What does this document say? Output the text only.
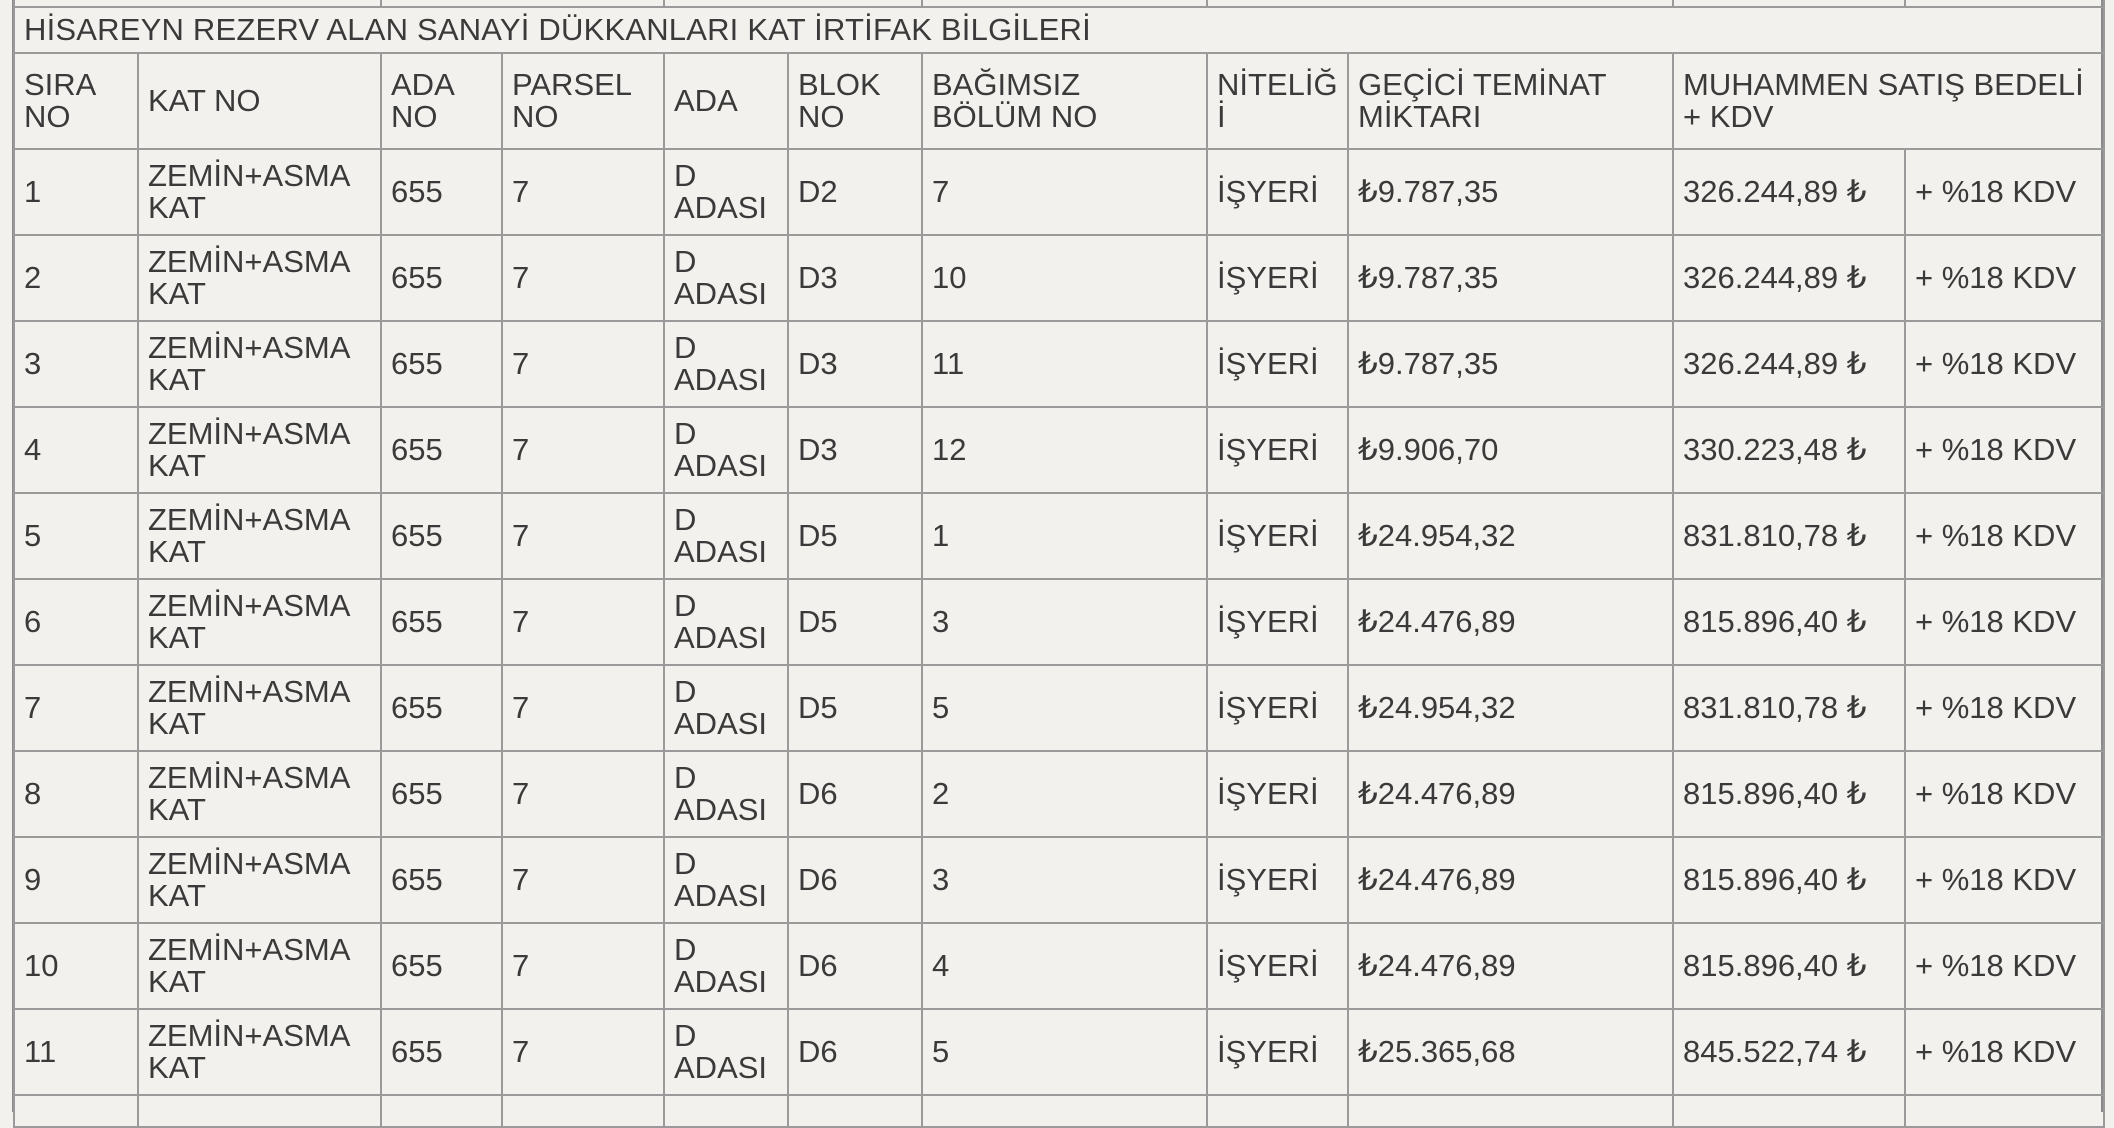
HİSAREYN REZERV ALAN SANAYİ DÜKKANLARI KAT İRTİFAK BİLGİLERİ										
SIRA NO	KAT NO	ADA NO	PARSEL NO	ADA	BLOK NO	BAĞIMSIZ BÖLÜM NO	NİTELİĞİ	GEÇİCİ TEMİNAT MİKTARI	MUHAMMEN SATIŞ BEDELİ + KDV	
1	ZEMİN+ASMA KAT	655	7	D ADASI	D2	7	İŞYERİ	₺9.787,35	326.244,89 ₺	+ %18 KDV
2	ZEMİN+ASMA KAT	655	7	D ADASI	D3	10	İŞYERİ	₺9.787,35	326.244,89 ₺	+ %18 KDV
3	ZEMİN+ASMA KAT	655	7	D ADASI	D3	11	İŞYERİ	₺9.787,35	326.244,89 ₺	+ %18 KDV
4	ZEMİN+ASMA KAT	655	7	D ADASI	D3	12	İŞYERİ	₺9.906,70	330.223,48 ₺	+ %18 KDV
5	ZEMİN+ASMA KAT	655	7	D ADASI	D5	1	İŞYERİ	₺24.954,32	831.810,78 ₺	+ %18 KDV
6	ZEMİN+ASMA KAT	655	7	D ADASI	D5	3	İŞYERİ	₺24.476,89	815.896,40 ₺	+ %18 KDV
7	ZEMİN+ASMA KAT	655	7	D ADASI	D5	5	İŞYERİ	₺24.954,32	831.810,78 ₺	+ %18 KDV
8	ZEMİN+ASMA KAT	655	7	D ADASI	D6	2	İŞYERİ	₺24.476,89	815.896,40 ₺	+ %18 KDV
9	ZEMİN+ASMA KAT	655	7	D ADASI	D6	3	İŞYERİ	₺24.476,89	815.896,40 ₺	+ %18 KDV
10	ZEMİN+ASMA KAT	655	7	D ADASI	D6	4	İŞYERİ	₺24.476,89	815.896,40 ₺	+ %18 KDV
11	ZEMİN+ASMA KAT	655	7	D ADASI	D6	5	İŞYERİ	₺25.365,68	845.522,74 ₺	+ %18 KDV
